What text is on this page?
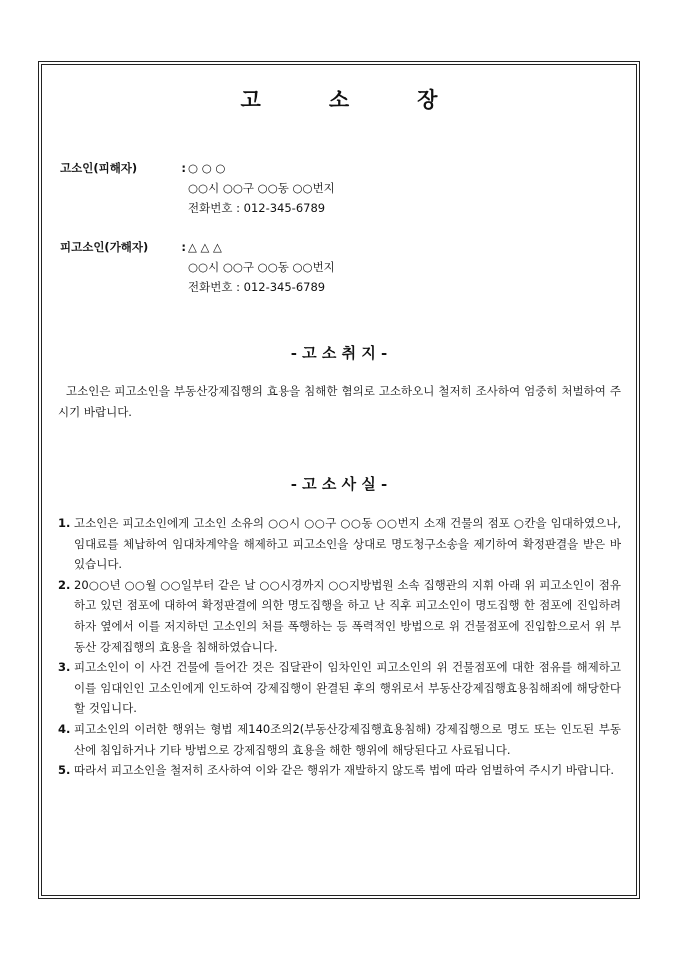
고	소	장
고소인(피해자)	: ○ ○ ○
○○시 ○○구 ○○동 ○○번지
전화번호 : 012-345-6789
피고소인(가해자)	: △ △ △
○○시 ○○구 ○○동 ○○번지
전화번호 : 012-345-6789
- 고 소 취 지 -
고소인은 피고소인을 부동산강제집행의 효용을 침해한 혐의로 고소하오니 철저히 조사하여 엄중히 처벌하여 주시기 바랍니다.
- 고 소 사 실 -
1. 고소인은 피고소인에게 고소인 소유의 ○○시 ○○구 ○○동 ○○번지 소재 건물의 점포 ○칸을 임대하였으나, 임대료를 체납하여 임대차계약을 해제하고 피고소인을 상대로 명도청구소송을 제기하여 확정판결을 받은 바 있습니다.
2. 20○○년 ○○월 ○○일부터 같은 날 ○○시경까지 ○○지방법원 소속 집행관의 지휘 아래 위 피고소인이 점유하고 있던 점포에 대하여 확정판결에 의한 명도집행을 하고 난 직후 피고소인이 명도집행 한 점포에 진입하려하자 옆에서 이를 저지하던 고소인의 처를 폭행하는 등 폭력적인 방법으로 위 건물점포에 진입함으로서 위 부동산 강제집행의 효용을 침해하였습니다.
3. 피고소인이 이 사건 건물에 들어간 것은 집달관이 임차인인 피고소인의 위 건물점포에 대한 점유를 해제하고 이를 임대인인 고소인에게 인도하여 강제집행이 완결된 후의 행위로서 부동산강제집행효용침해죄에 해당한다할 것입니다.
4. 피고소인의 이러한 행위는 형법 제140조의2(부동산강제집행효용침해) 강제집행으로 명도 또는 인도된 부동산에 침입하거나 기타 방법으로 강제집행의 효용을 해한 행위에 해당된다고 사료됩니다.
5. 따라서 피고소인을 철저히 조사하여 이와 같은 행위가 재발하지 않도록 법에 따라 엄벌하여 주시기 바랍니다.
